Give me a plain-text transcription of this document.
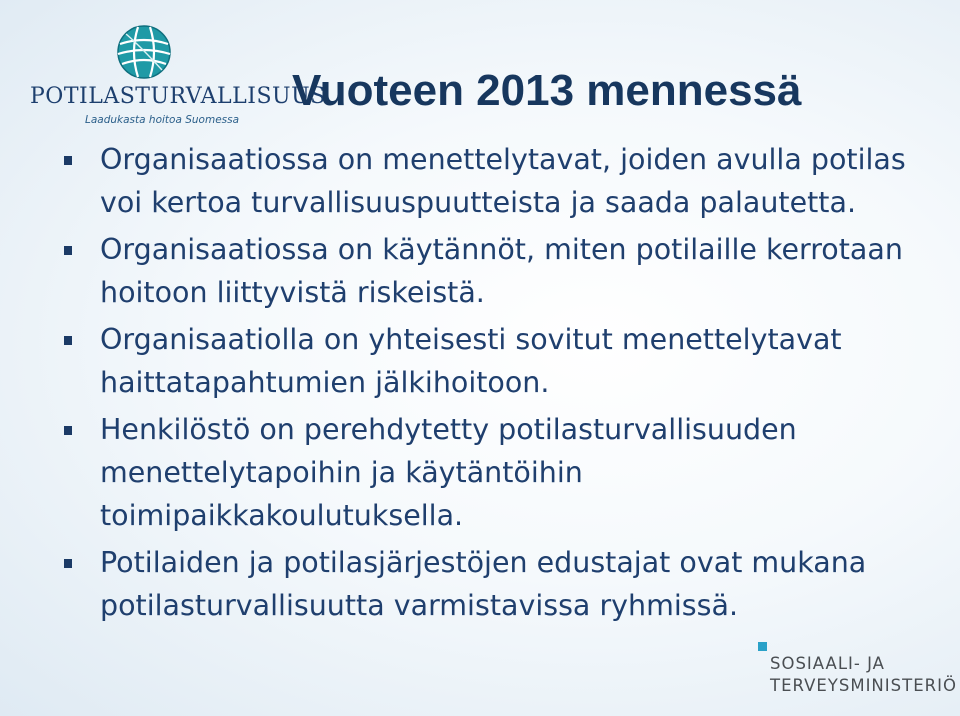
POTILASTURVALLISUUS
Laadukasta hoitoa Suomessa
Vuoteen 2013 mennessä
Organisaatiossa on menettelytavat, joiden avulla potilas voi kertoa turvallisuuspuutteista ja saada palautetta.
Organisaatiossa on käytännöt, miten potilaille kerrotaan hoitoon liittyvistä riskeistä.
Organisaatiolla on yhteisesti sovitut menettelytavat haittatapahtumien jälkihoitoon.
Henkilöstö on perehdytetty potilasturvallisuuden menettelytapoihin ja käytäntöihin toimipaikkakoulutuksella.
Potilaiden ja potilasjärjestöjen edustajat ovat mukana potilasturvallisuutta varmistavissa ryhmissä.
SOSIAALI- JA
TERVEYSMINISTERIÖ
